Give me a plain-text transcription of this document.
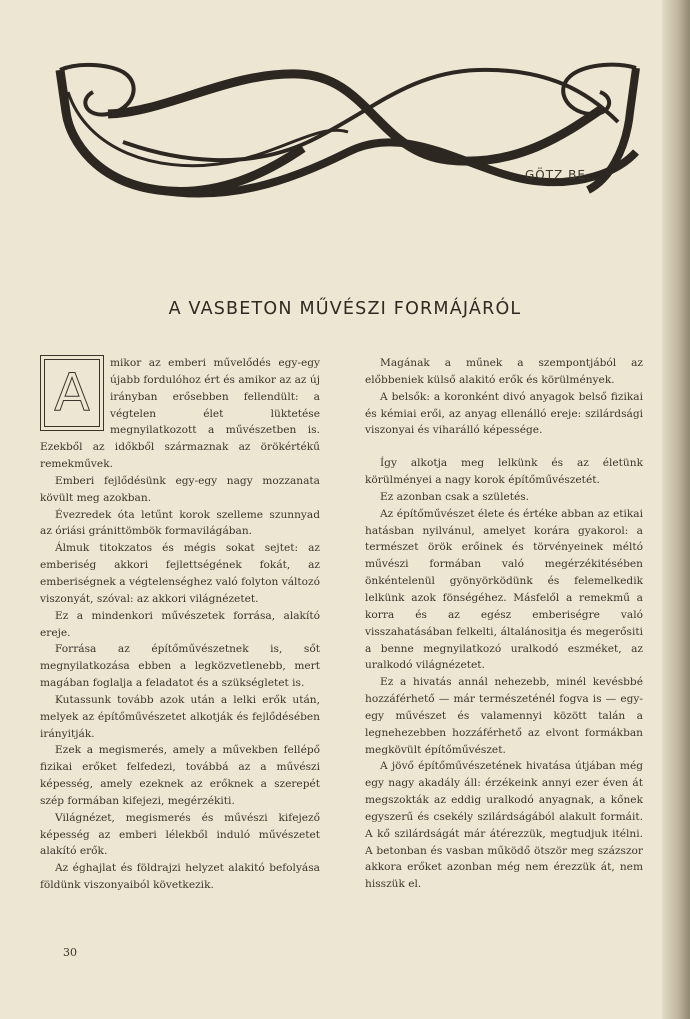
GÖTZ BE.
A VASBETON MŰVÉSZI FORMÁJÁRÓL
A	mikor az emberi művelődés egy-egy újabb fordulóhoz ért és amikor az az új irányban erősebben fellendült: a végtelen élet lüktetése megnyilatkozott a művészetben is. Ezekből az időkből származnak az örökértékű remekművek.

Emberi fejlődésünk egy-egy nagy mozzanata kövült meg azokban.

Évezredek óta letűnt korok szelleme szunnyad az óriási gránittömbök formavilágában.

Álmuk titokzatos és mégis sokat sejtet: az emberiség akkori fejlettségének fokát, az emberiségnek a végtelenséghez való folyton változó viszonyát, szóval: az akkori világnézetet.

Ez a mindenkori művészetek forrása, alakító ereje.

Forrása az építőművészetnek is, sőt megnyilatkozása ebben a legközvetlenebb, mert magában foglalja a feladatot és a szükségletet is.

Kutassunk tovább azok után a lelki erők után, melyek az építőművészetet alkotják és fejlődésében irányitják.

Ezek a megismerés, amely a művekben fellépő fizikai erőket felfedezi, továbbá az a művészi képesség, amely ezeknek az erőknek a szerepét szép formában kifejezi, megérzékiti.

Világnézet, megismerés és művészi kifejező képesség az emberi lélekből induló művészetet alakító erők.

Az éghajlat és földrajzi helyzet alakitó befolyása földünk viszonyaiból következik.

Magának a műnek a szempontjából az előbbeniek külső alakitó erők és körülmények.

A belsők: a koronként divó anyagok belső fizikai és kémiai erői, az anyag ellenálló ereje: szilárdsági viszonyai és viharálló képessége.

Így alkotja meg lelkünk és az életünk körülményei a nagy korok építőművészetét.

Ez azonban csak a születés.

Az építőművészet élete és értéke abban az etikai hatásban nyilvánul, amelyet korára gyakorol: a természet örök erőinek és törvényeinek méltó művészi formában való megérzékitésében önkéntelenül gyönyörködünk és felemelkedik lelkünk azok fönségéhez. Másfelől a remekmű a korra és az egész emberiségre való visszahatásában felkelti, általánositja és megerősiti a benne megnyilatkozó uralkodó eszméket, az uralkodó világnézetet.

Ez a hivatás annál nehezebb, minél kevésbbé hozzáférhető — már természeténél fogva is — egy-egy művészet és valamennyi között talán a legnehezebben hozzáférhető az elvont formákban megkövült építőművészet.

A jövő építőművészetének hivatása útjában még egy nagy akadály áll: érzékeink annyi ezer éven át megszokták az eddig uralkodó anyagnak, a kőnek egyszerű és csekély szilárdságából alakult formáit. A kő szilárdságát már átérezzük, megtudjuk itélni. A betonban és vasban működő ötször meg százszor akkora erőket azonban még nem érezzük át, nem hisszük el.

30
